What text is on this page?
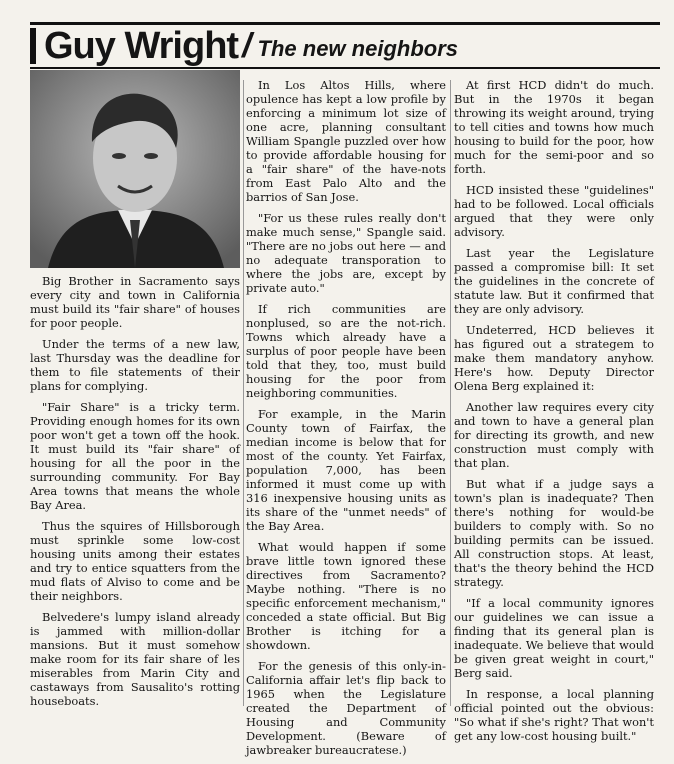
Guy Wright / The new neighbors

Big Brother in Sacramento says every city and town in California must build its "fair share" of houses for poor people.

Under the terms of a new law, last Thursday was the deadline for them to file statements of their plans for complying.

"Fair Share" is a tricky term. Providing enough homes for its own poor won't get a town off the hook. It must build its "fair share" of housing for all the poor in the surrounding community. For Bay Area towns that means the whole Bay Area.

Thus the squires of Hillsborough must sprinkle some low-cost housing units among their estates and try to entice squatters from the mud flats of Alviso to come and be their neighbors.

Belvedere's lumpy island already is jammed with million-dollar mansions. But it must somehow make room for its fair share of les miserables from Marin City and castaways from Sausalito's rotting houseboats.

In Los Altos Hills, where opulence has kept a low profile by enforcing a minimum lot size of one acre, planning consultant William Spangle puzzled over how to provide affordable housing for a "fair share" of the have-nots from East Palo Alto and the barrios of San Jose.

"For us these rules really don't make much sense," Spangle said. "There are no jobs out here — and no adequate transporation to where the jobs are, except by private auto."

If rich communities are nonplused, so are the not-rich. Towns which already have a surplus of poor people have been told that they, too, must build housing for the poor from neighboring communities.

For example, in the Marin County town of Fairfax, the median income is below that for most of the county. Yet Fairfax, population 7,000, has been informed it must come up with 316 inexpensive housing units as its share of the "unmet needs" of the Bay Area.

What would happen if some brave little town ignored these directives from Sacramento? Maybe nothing. "There is no specific enforcement mechanism," conceded a state official. But Big Brother is itching for a showdown.

For the genesis of this only-in-California affair let's flip back to 1965 when the Legislature created the Department of Housing and Community Development. (Beware of jawbreaker bureaucratese.)

At first HCD didn't do much. But in the 1970s it began throwing its weight around, trying to tell cities and towns how much housing to build for the poor, how much for the semi-poor and so forth.

HCD insisted these "guidelines" had to be followed. Local officials argued that they were only advisory.

Last year the Legislature passed a compromise bill: It set the guidelines in the concrete of statute law. But it confirmed that they are only advisory.

Undeterred, HCD believes it has figured out a strategem to make them mandatory anyhow. Here's how. Deputy Director Olena Berg explained it:

Another law requires every city and town to have a general plan for directing its growth, and new construction must comply with that plan.

But what if a judge says a town's plan is inadequate? Then there's nothing for would-be builders to comply with. So no building permits can be issued. All construction stops. At least, that's the theory behind the HCD strategy.

"If a local community ignores our guidelines we can issue a finding that its general plan is inadequate. We believe that would be given great weight in court," Berg said.

In response, a local planning official pointed out the obvious: "So what if she's right? That won't get any low-cost housing built."
